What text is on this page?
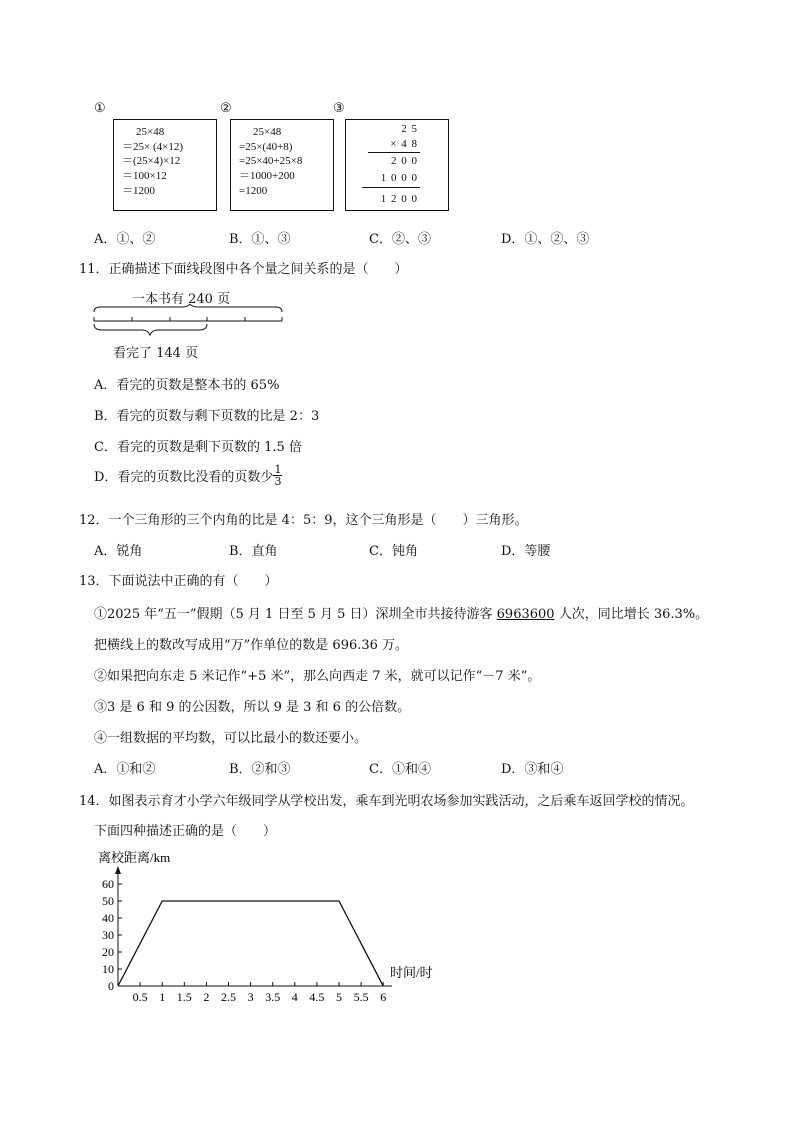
①	②	③
25×48
＝25× (4×12)
＝(25×4)×12
＝100×12
＝1200
25×48
=25×(40+8)
=25×40+25×8
＝1000+200
=1200
2 5
× 4 8
2 0 0
1 0 0 0
1 2 0 0
A．①、②	B．①、③	C．②、③	D．①、②、③
11．正确描述下面线段图中各个量之间关系的是（　　）
一本书有 240 页
看完了 144 页
A．看完的页数是整本书的 65%
B．看完的页数与剩下页数的比是 2：3
C．看完的页数是剩下页数的 1.5 倍
D．看完的页数比没看的页数少 $\frac{1}{3}$
12．一个三角形的三个内角的比是 4：5：9，这个三角形是（　　）三角形。
A．锐角	B．直角	C．钝角	D．等腰
13．下面说法中正确的有（　　）
①2025 年“五一”假期（5 月 1 日至 5 月 5 日）深圳全市共接待游客 6963600 人次，同比增长 36.3%。
把横线上的数改写成用“万”作单位的数是 696.36 万。
②如果把向东走 5 米记作“+5 米”，那么向西走 7 米，就可以记作“－7 米”。
③3 是 6 和 9 的公因数，所以 9 是 3 和 6 的公倍数。
④一组数据的平均数，可以比最小的数还要小。
A．①和②	B．②和③	C．①和④	D．③和④
14．如图表示育才小学六年级同学从学校出发，乘车到光明农场参加实践活动，之后乘车返回学校的情况。
下面四种描述正确的是（　　）
离校距离/km
时间/时
0
10
20
30
40
50
60
0.5 1 1.5 2 2.5 3 3.5 4 4.5 5 5.5 6
